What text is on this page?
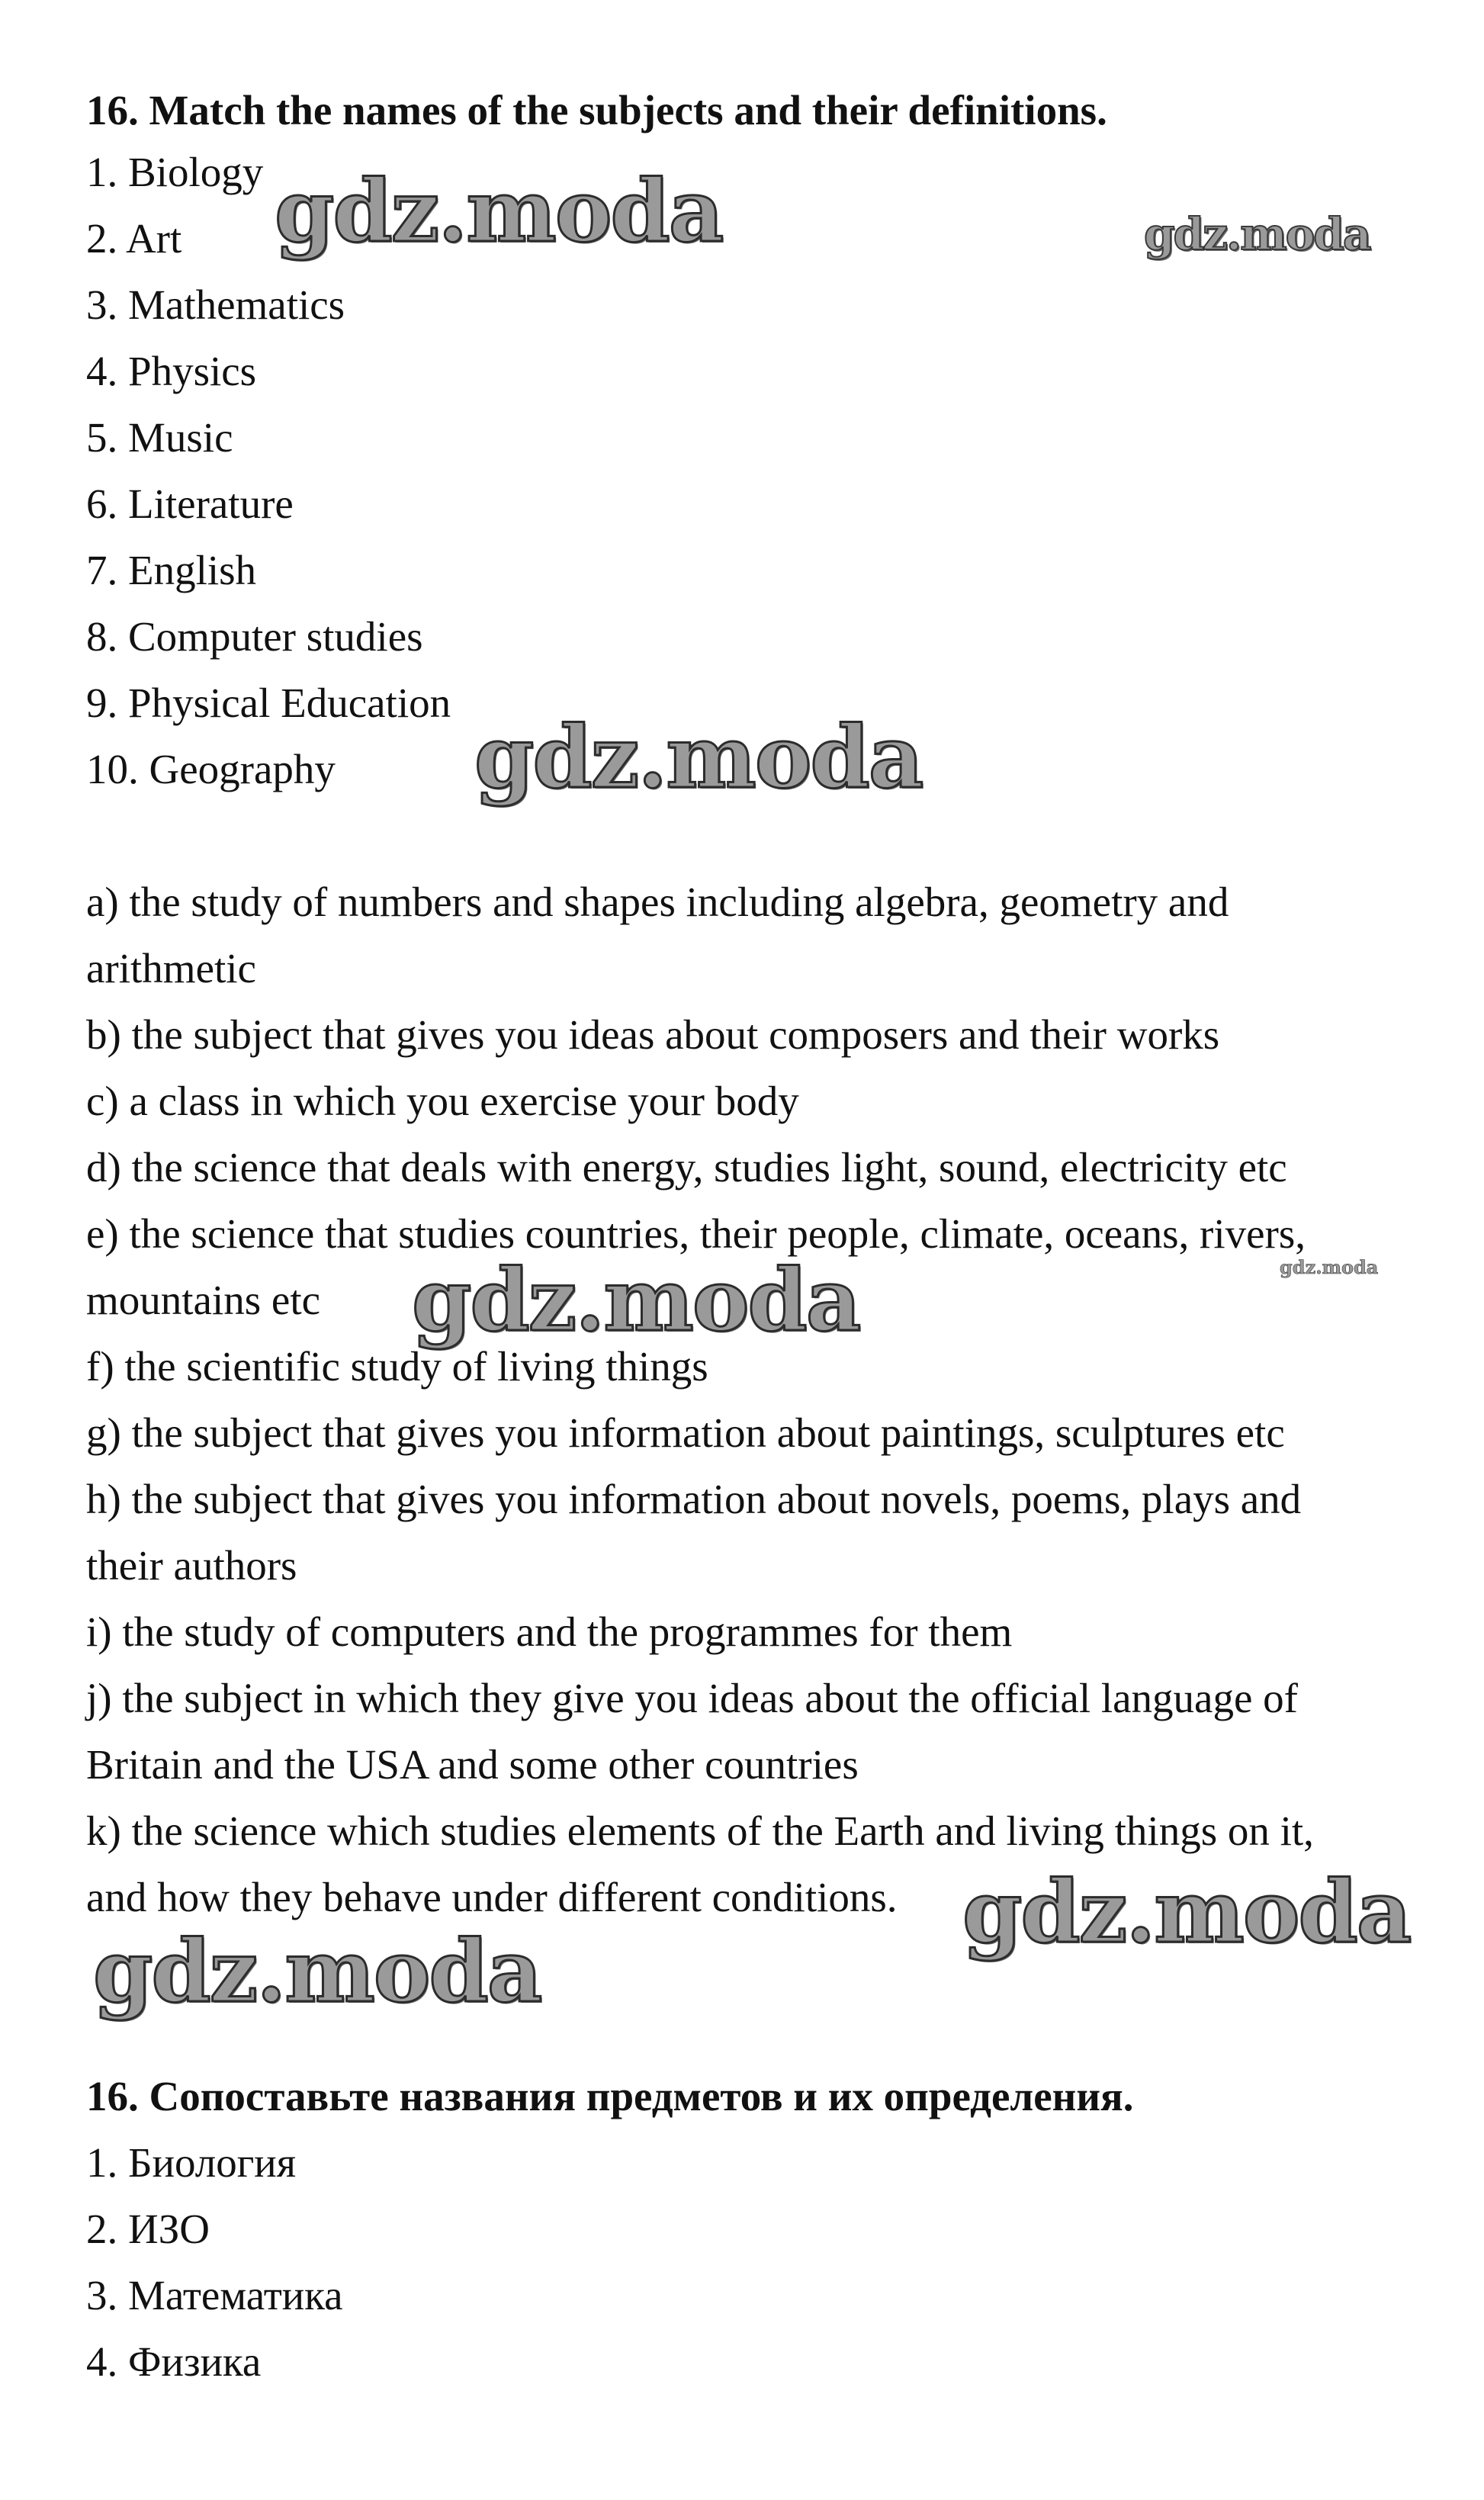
16. Match the names of the subjects and their definitions.

1. Biology

2. Art

3. Mathematics

4. Physics

5. Music

6. Literature

7. English

8. Computer studies

9. Physical Education

10. Geography

a) the study of numbers and shapes including algebra, geometry and

arithmetic

b) the subject that gives you ideas about composers and their works

c) a class in which you exercise your body

d) the science that deals with energy, studies light, sound, electricity etc

e) the science that studies countries, their people, climate, oceans, rivers,

mountains etc

f) the scientific study of living things

g) the subject that gives you information about paintings, sculptures etc

h) the subject that gives you information about novels, poems, plays and

their authors

i) the study of computers and the programmes for them

j) the subject in which they give you ideas about the official language of

Britain and the USA and some other countries

k) the science which studies elements of the Earth and living things on it,

and how they behave under different conditions.

16. Сопоставьте названия предметов и их определения.

1. Биология

2. ИЗО

3. Математика

4. Физика

gdz.moda	gdz.moda
gdz.moda
gdz.moda
gdz.moda
gdz.moda
gdz.moda
